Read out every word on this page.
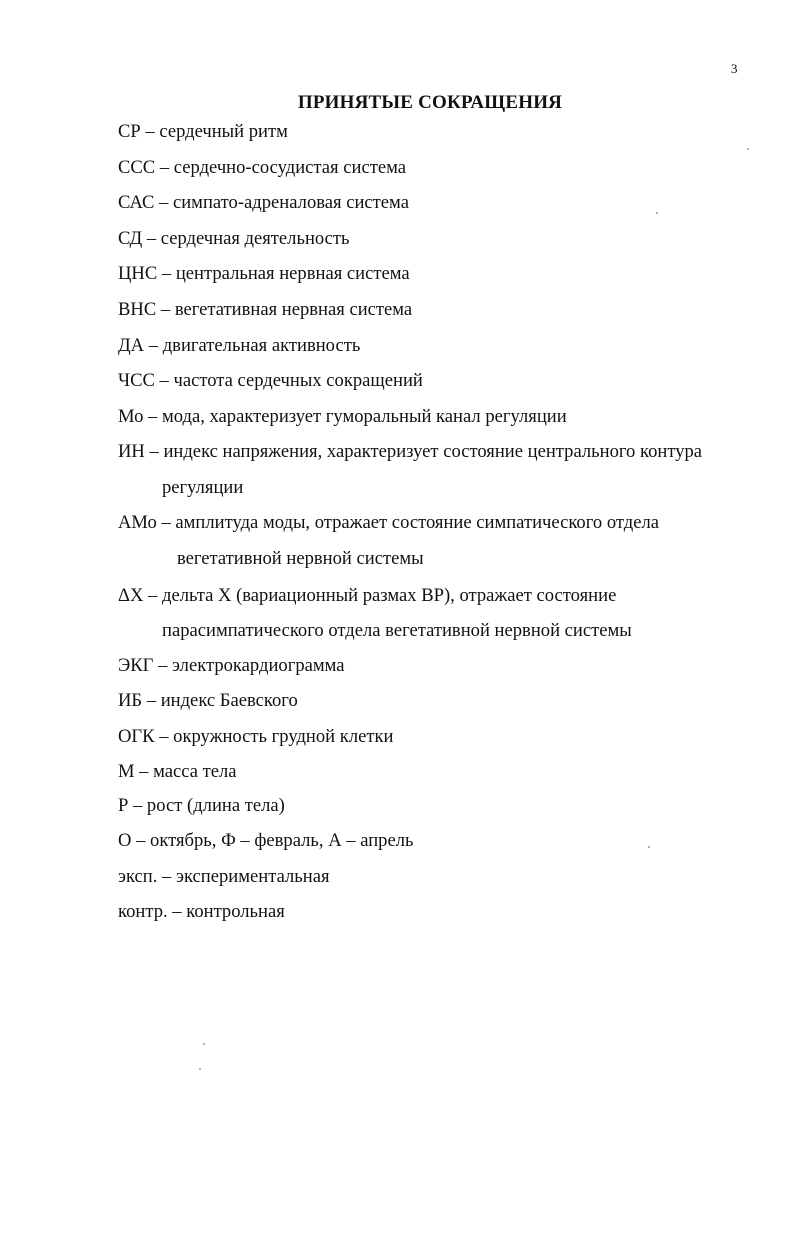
3
ПРИНЯТЫЕ СОКРАЩЕНИЯ
СР – сердечный ритм
ССС – сердечно-сосудистая система
САС – симпато-адреналовая система
СД – сердечная деятельность
ЦНС – центральная нервная система
ВНС – вегетативная нервная система
ДА – двигательная активность
ЧСС – частота сердечных сокращений
Мо – мода, характеризует гуморальный канал регуляции
ИН – индекс напряжения, характеризует состояние центрального контура
регуляции
АМо – амплитуда моды, отражает состояние симпатического отдела
вегетативной нервной системы
ΔX – дельта X (вариационный размах ВР), отражает состояние
парасимпатического отдела вегетативной нервной системы
ЭКГ – электрокардиограмма
ИБ – индекс Баевского
ОГК – окружность грудной клетки
М – масса тела
Р – рост (длина тела)
О – октябрь, Ф – февраль, А – апрель
эксп. – экспериментальная
контр. – контрольная
